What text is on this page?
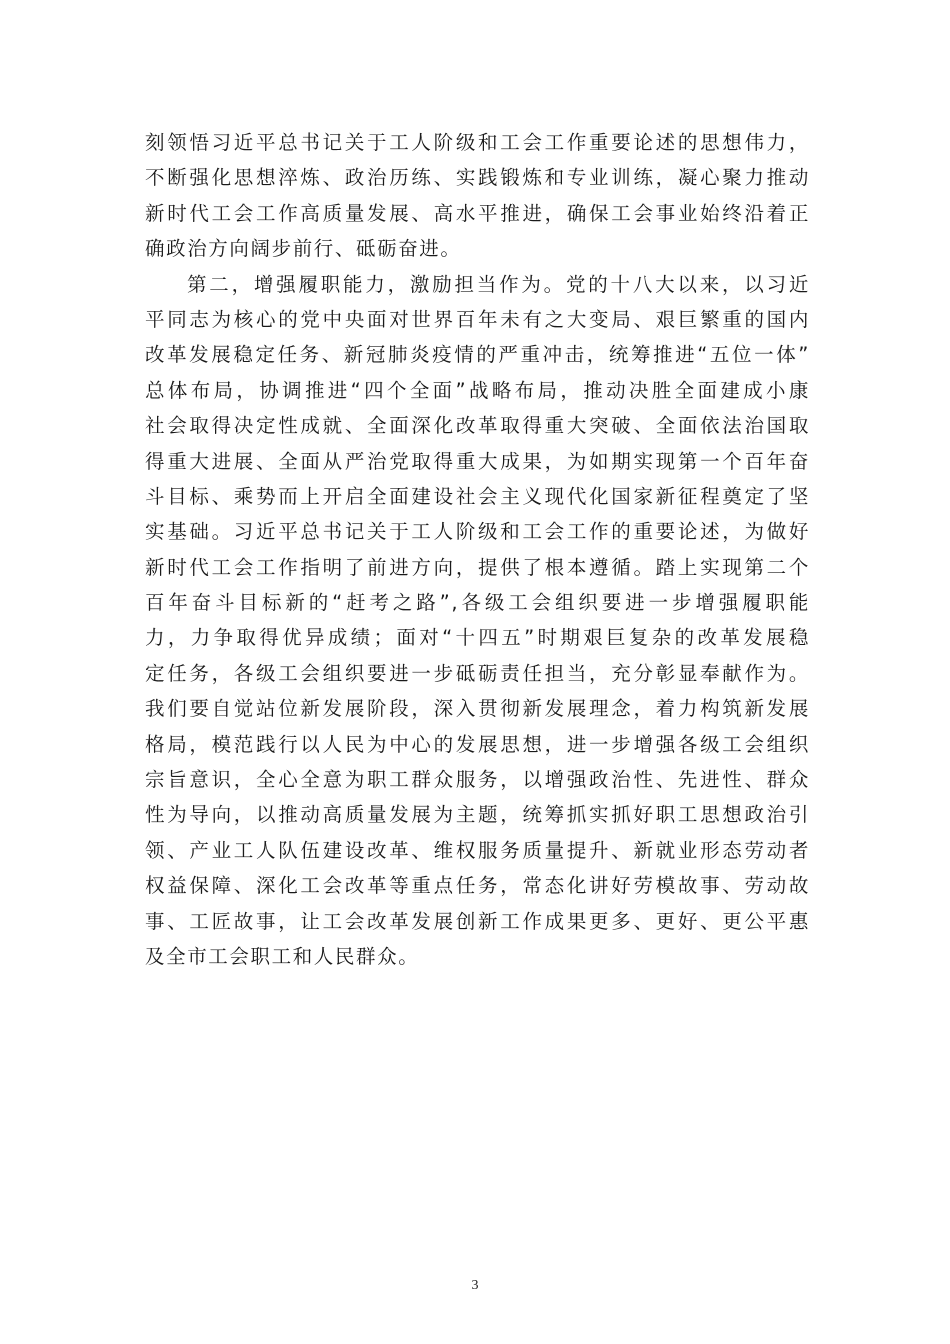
刻领悟习近平总书记关于工人阶级和工会工作重要论述的思想伟力，
不断强化思想淬炼、政治历练、实践锻炼和专业训练，凝心聚力推动
新时代工会工作高质量发展、高水平推进，确保工会事业始终沿着正
确政治方向阔步前行、砥砺奋进。
第二，增强履职能力，激励担当作为。党的十八大以来，以习近
平同志为核心的党中央面对世界百年未有之大变局、艰巨繁重的国内
改革发展稳定任务、新冠肺炎疫情的严重冲击，统筹推进“五位一体”
总体布局，协调推进“四个全面”战略布局，推动决胜全面建成小康
社会取得决定性成就、全面深化改革取得重大突破、全面依法治国取
得重大进展、全面从严治党取得重大成果，为如期实现第一个百年奋
斗目标、乘势而上开启全面建设社会主义现代化国家新征程奠定了坚
实基础。习近平总书记关于工人阶级和工会工作的重要论述，为做好
新时代工会工作指明了前进方向，提供了根本遵循。踏上实现第二个
百年奋斗目标新的“赶考之路”,各级工会组织要进一步增强履职能
力，力争取得优异成绩；面对“十四五”时期艰巨复杂的改革发展稳
定任务，各级工会组织要进一步砥砺责任担当，充分彰显奉献作为。
我们要自觉站位新发展阶段，深入贯彻新发展理念，着力构筑新发展
格局，模范践行以人民为中心的发展思想，进一步增强各级工会组织
宗旨意识，全心全意为职工群众服务，以增强政治性、先进性、群众
性为导向，以推动高质量发展为主题，统筹抓实抓好职工思想政治引
领、产业工人队伍建设改革、维权服务质量提升、新就业形态劳动者
权益保障、深化工会改革等重点任务，常态化讲好劳模故事、劳动故
事、工匠故事，让工会改革发展创新工作成果更多、更好、更公平惠
及全市工会职工和人民群众。
3
